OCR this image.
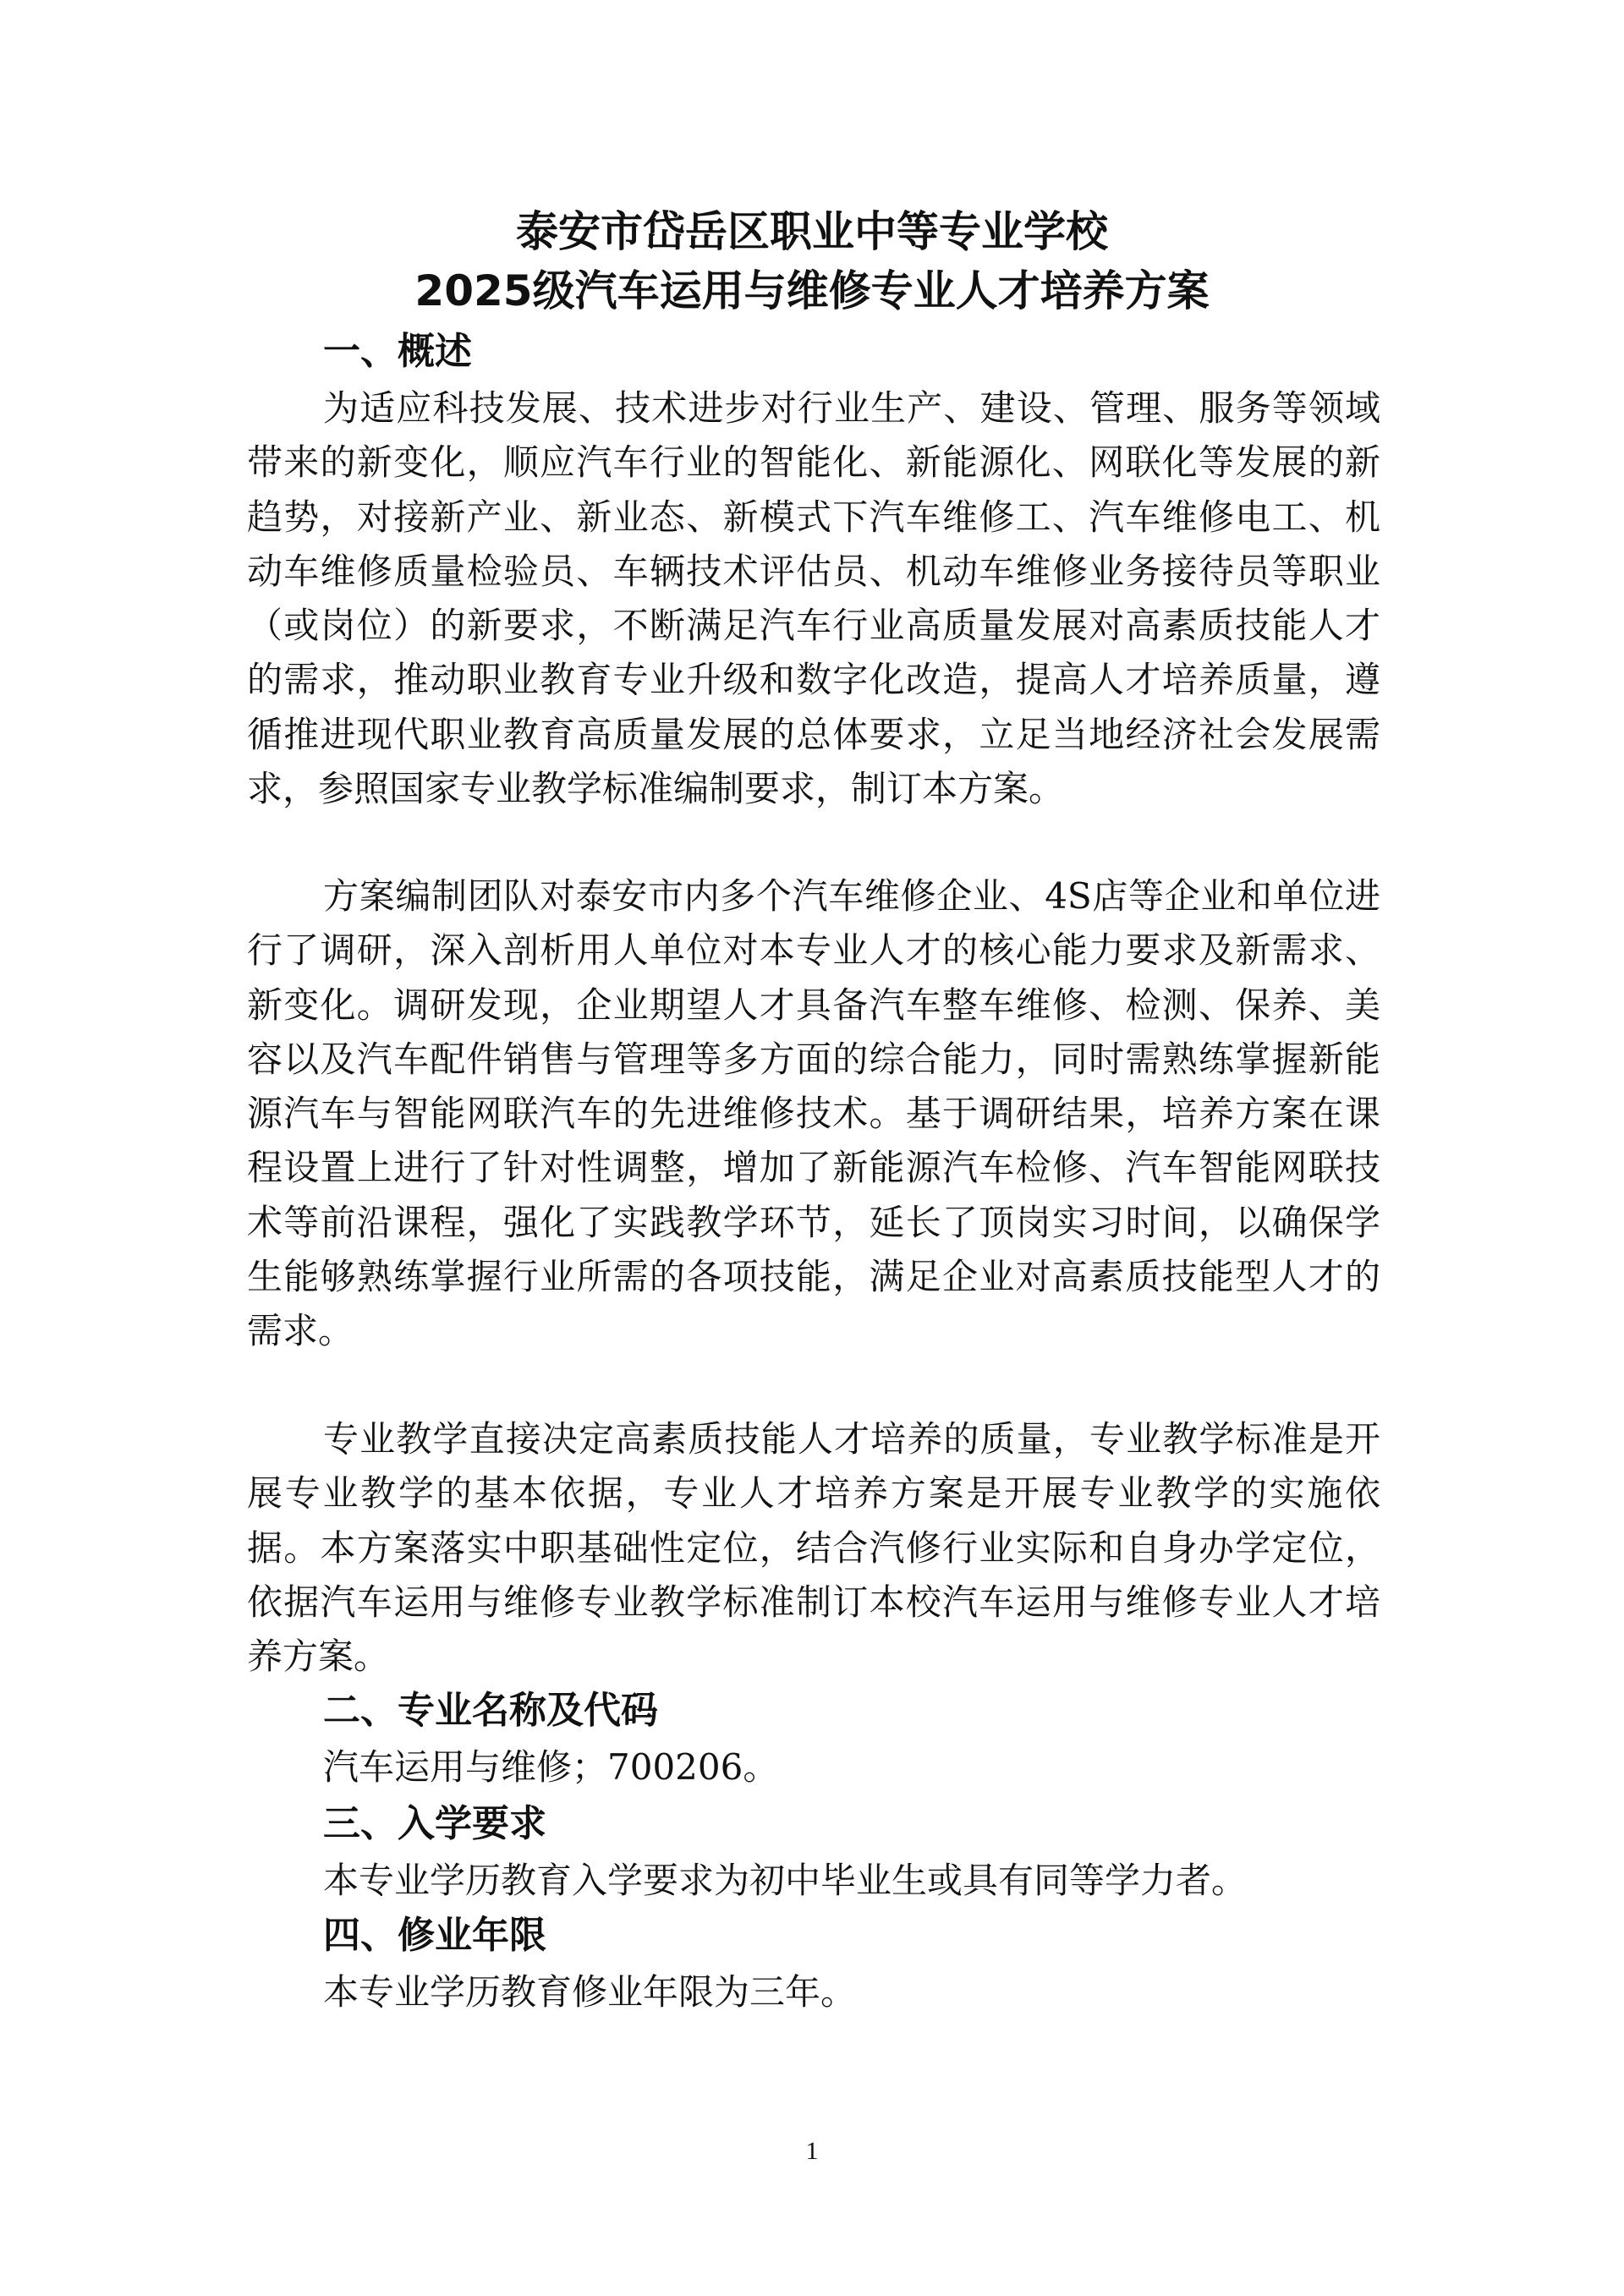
泰安市岱岳区职业中等专业学校
2025级汽车运用与维修专业人才培养方案
一、概述

为适应科技发展、技术进步对行业生产、建设、管理、服务等领域带来的新变化，顺应汽车行业的智能化、新能源化、网联化等发展的新趋势，对接新产业、新业态、新模式下汽车维修工、汽车维修电工、机动车维修质量检验员、车辆技术评估员、机动车维修业务接待员等职业（或岗位）的新要求，不断满足汽车行业高质量发展对高素质技能人才的需求，推动职业教育专业升级和数字化改造，提高人才培养质量，遵循推进现代职业教育高质量发展的总体要求，立足当地经济社会发展需求，参照国家专业教学标准编制要求，制订本方案。

方案编制团队对泰安市内多个汽车维修企业、4S店等企业和单位进行了调研，深入剖析用人单位对本专业人才的核心能力要求及新需求、新变化。调研发现，企业期望人才具备汽车整车维修、检测、保养、美容以及汽车配件销售与管理等多方面的综合能力，同时需熟练掌握新能源汽车与智能网联汽车的先进维修技术。基于调研结果，培养方案在课程设置上进行了针对性调整，增加了新能源汽车检修、汽车智能网联技术等前沿课程，强化了实践教学环节，延长了顶岗实习时间，以确保学生能够熟练掌握行业所需的各项技能，满足企业对高素质技能型人才的需求。

专业教学直接决定高素质技能人才培养的质量，专业教学标准是开展专业教学的基本依据，专业人才培养方案是开展专业教学的实施依据。本方案落实中职基础性定位，结合汽修行业实际和自身办学定位，依据汽车运用与维修专业教学标准制订本校汽车运用与维修专业人才培养方案。

二、专业名称及代码
汽车运用与维修；700206。
三、入学要求
本专业学历教育入学要求为初中毕业生或具有同等学力者。
四、修业年限
本专业学历教育修业年限为三年。
1
